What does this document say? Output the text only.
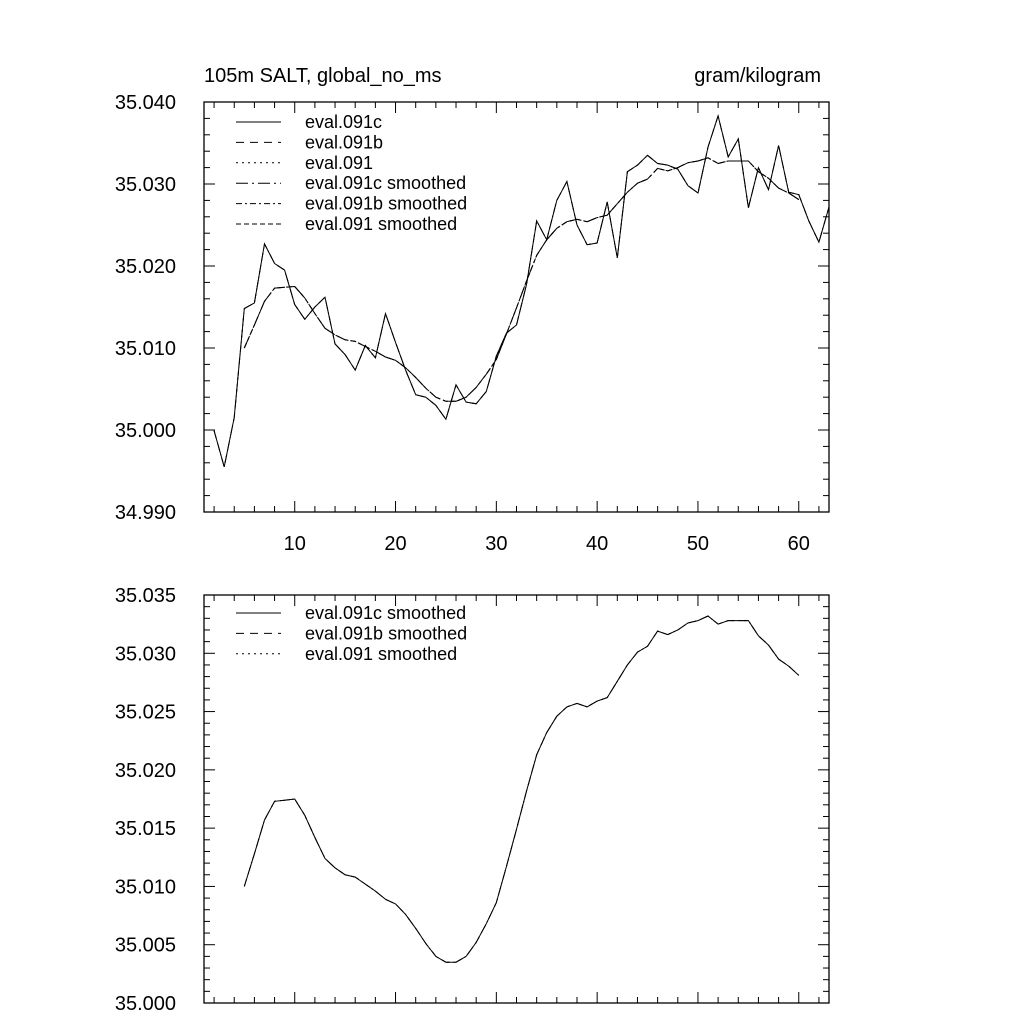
10	20	30	40	50	60
34.990
35.000
35.010
35.020
35.030
35.040
105m SALT, global_no_ms	gram/kilogram
eval.091c
eval.091b
eval.091
eval.091c smoothed
eval.091b smoothed
eval.091 smoothed
35.000
35.005
35.010
35.015
35.020
35.025
35.030
35.035
eval.091c smoothed
eval.091b smoothed
eval.091 smoothed
